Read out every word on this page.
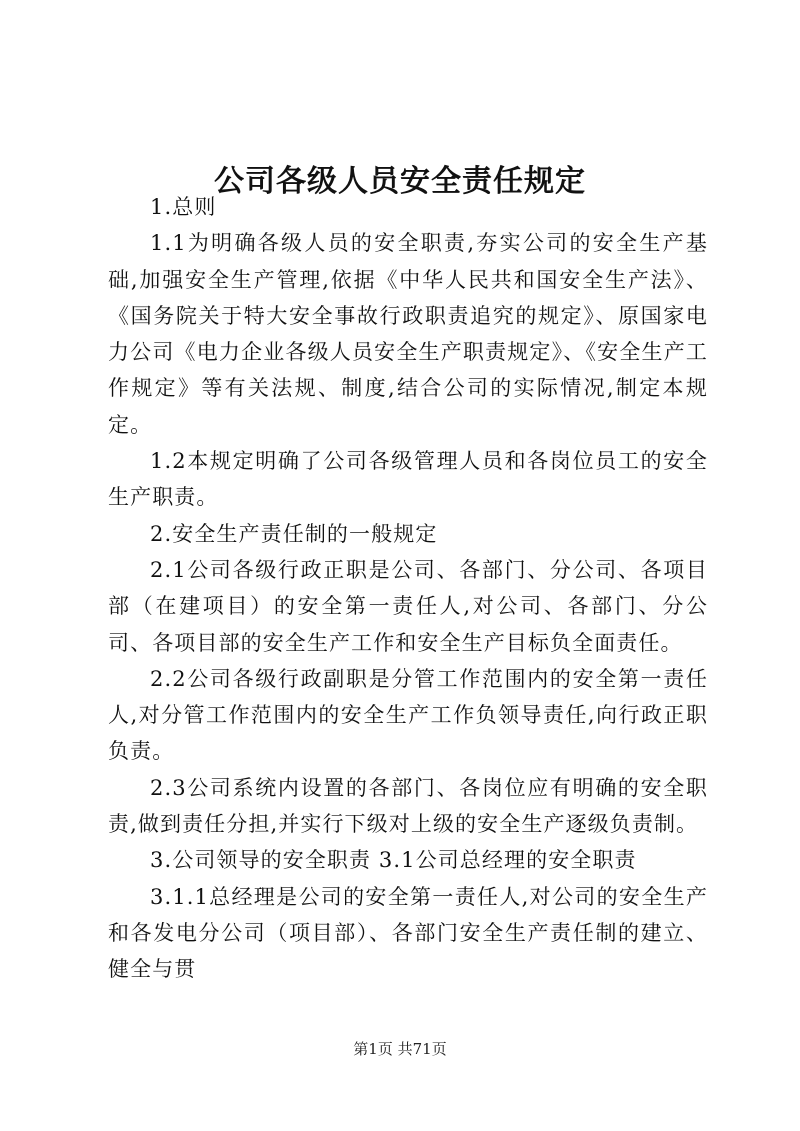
公司各级人员安全责任规定

1.总则

1.1为明确各级人员的安全职责,夯实公司的安全生产基础,加强安全生产管理,依据《中华人民共和国安全生产法》、《国务院关于特大安全事故行政职责追究的规定》、原国家电力公司《电力企业各级人员安全生产职责规定》、《安全生产工作规定》等有关法规、制度,结合公司的实际情况,制定本规定。

1.2本规定明确了公司各级管理人员和各岗位员工的安全生产职责。

2.安全生产责任制的一般规定

2.1公司各级行政正职是公司、各部门、分公司、各项目部（在建项目）的安全第一责任人,对公司、各部门、分公司、各项目部的安全生产工作和安全生产目标负全面责任。

2.2公司各级行政副职是分管工作范围内的安全第一责任人,对分管工作范围内的安全生产工作负领导责任,向行政正职负责。

2.3公司系统内设置的各部门、各岗位应有明确的安全职责,做到责任分担,并实行下级对上级的安全生产逐级负责制。

3.公司领导的安全职责 3.1公司总经理的安全职责

3.1.1总经理是公司的安全第一责任人,对公司的安全生产和各发电分公司（项目部）、各部门安全生产责任制的建立、健全与贯

第1页 共71页
